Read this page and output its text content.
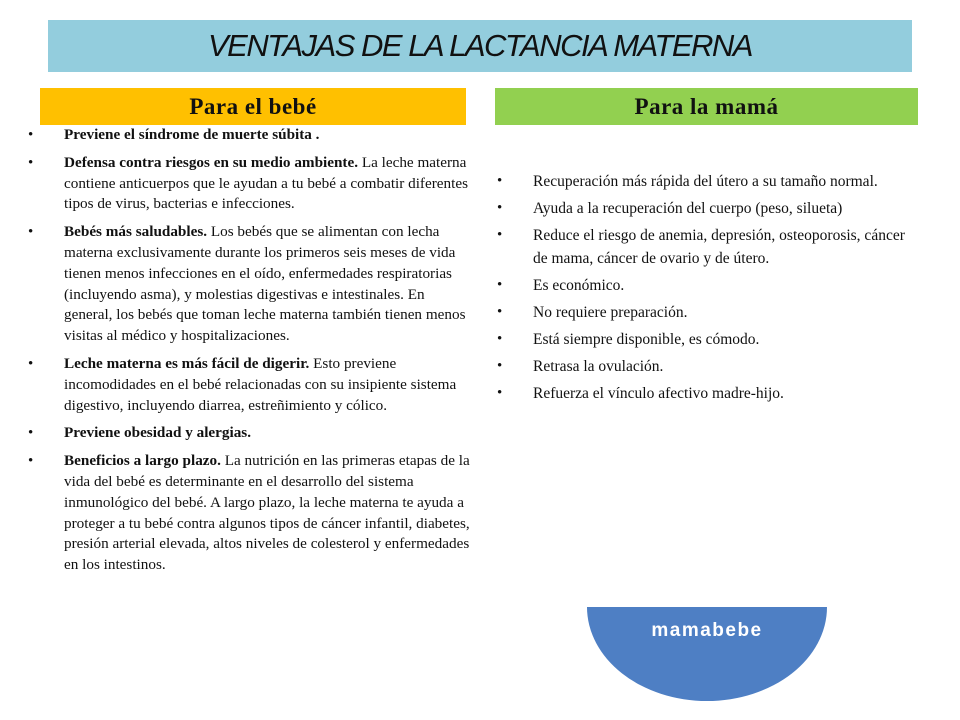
VENTAJAS DE LA LACTANCIA MATERNA
Para el bebé	Para la mamá
• Previene el síndrome de muerte súbita .
• Defensa contra riesgos en su medio ambiente. La leche materna contiene anticuerpos que le ayudan a tu bebé a combatir diferentes tipos de virus, bacterias e infecciones.
• Bebés más saludables. Los bebés que se alimentan con lecha materna exclusivamente durante los primeros seis meses de vida tienen menos infecciones en el oído, enfermedades respiratorias (incluyendo asma), y molestias digestivas e intestinales. En general, los bebés que toman leche materna también tienen menos visitas al médico y hospitalizaciones.
• Leche materna es más fácil de digerir. Esto previene incomodidades en el bebé relacionadas con su insipiente sistema digestivo, incluyendo diarrea, estreñimiento y cólico.
• Previene obesidad y alergias.
• Beneficios a largo plazo. La nutrición en las primeras etapas de la vida del bebé es determinante en el desarrollo del sistema inmunológico del bebé. A largo plazo, la leche materna te ayuda a proteger a tu bebé contra algunos tipos de cáncer infantil, diabetes, presión arterial elevada, altos niveles de colesterol y enfermedades en los intestinos.
• Recuperación más rápida del útero a su tamaño normal.
• Ayuda a la recuperación del cuerpo (peso, silueta)
• Reduce el riesgo de anemia, depresión, osteoporosis, cáncer de mama, cáncer de ovario y de útero.
• Es económico.
• No requiere preparación.
• Está siempre disponible, es cómodo.
• Retrasa la ovulación.
• Refuerza el vínculo afectivo madre-hijo.
mamabebe
